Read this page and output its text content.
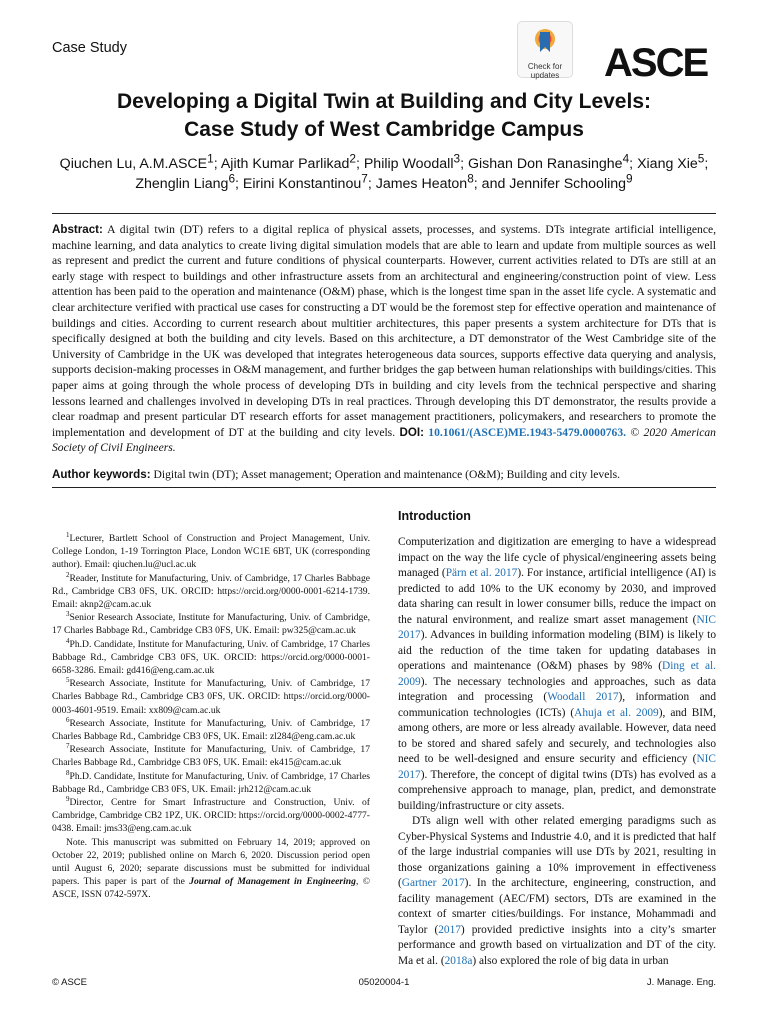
Case Study
Check for updates	ASCE
Developing a Digital Twin at Building and City Levels:
Case Study of West Cambridge Campus
Qiuchen Lu, A.M.ASCE$^1$; Ajith Kumar Parlikad$^2$; Philip Woodall$^3$; Gishan Don Ranasinghe$^4$; Xiang Xie$^5$;
Zhenglin Liang$^6$; Eirini Konstantinou$^7$; James Heaton$^8$; and Jennifer Schooling$^9$

Abstract: A digital twin (DT) refers to a digital replica of physical assets, processes, and systems. DTs integrate artificial intelligence, machine learning, and data analytics to create living digital simulation models that are able to learn and update from multiple sources as well as represent and predict the current and future conditions of physical counterparts. However, current activities related to DTs are still at an early stage with respect to buildings and other infrastructure assets from an architectural and engineering/construction point of view. Less attention has been paid to the operation and maintenance (O&M) phase, which is the longest time span in the asset life cycle. A systematic and clear architecture verified with practical use cases for constructing a DT would be the foremost step for effective operation and maintenance of buildings and cities. According to current research about multitier architectures, this paper presents a system architecture for DTs that is specifically designed at both the building and city levels. Based on this architecture, a DT demonstrator of the West Cambridge site of the University of Cambridge in the UK was developed that integrates heterogeneous data sources, supports effective data querying and analysis, supports decision-making processes in O&M management, and further bridges the gap between human relationships with buildings/cities. This paper aims at going through the whole process of developing DTs in building and city levels from the technical perspective and sharing lessons learned and challenges involved in developing DTs in real practices. Through developing this DT demonstrator, the results provide a clear roadmap and present particular DT research efforts for asset management practitioners, policymakers, and researchers to promote the implementation and development of DT at the building and city levels. DOI: 10.1061/(ASCE)ME.1943-5479.0000763. © 2020 American Society of Civil Engineers.

Author keywords: Digital twin (DT); Asset management; Operation and maintenance (O&M); Building and city levels.

$^1$Lecturer, Bartlett School of Construction and Project Management, Univ. College London, 1-19 Torrington Place, London WC1E 6BT, UK (corresponding author). Email: qiuchen.lu@ucl.ac.uk

$^2$Reader, Institute for Manufacturing, Univ. of Cambridge, 17 Charles Babbage Rd., Cambridge CB3 0FS, UK. ORCID: https://orcid.org/0000-0001-6214-1739. Email: aknp2@cam.ac.uk

$^3$Senior Research Associate, Institute for Manufacturing, Univ. of Cambridge, 17 Charles Babbage Rd., Cambridge CB3 0FS, UK. Email: pw325@cam.ac.uk

$^4$Ph.D. Candidate, Institute for Manufacturing, Univ. of Cambridge, 17 Charles Babbage Rd., Cambridge CB3 0FS, UK. ORCID: https://orcid.org/0000-0001-6658-3286. Email: gd416@eng.cam.ac.uk

$^5$Research Associate, Institute for Manufacturing, Univ. of Cambridge, 17 Charles Babbage Rd., Cambridge CB3 0FS, UK. ORCID: https://orcid.org/0000-0003-4601-9519. Email: xx809@cam.ac.uk

$^6$Research Associate, Institute for Manufacturing, Univ. of Cambridge, 17 Charles Babbage Rd., Cambridge CB3 0FS, UK. Email: zl284@eng.cam.ac.uk

$^7$Research Associate, Institute for Manufacturing, Univ. of Cambridge, 17 Charles Babbage Rd., Cambridge CB3 0FS, UK. Email: ek415@cam.ac.uk

$^8$Ph.D. Candidate, Institute for Manufacturing, Univ. of Cambridge, 17 Charles Babbage Rd., Cambridge CB3 0FS, UK. Email: jrh212@cam.ac.uk

$^9$Director, Centre for Smart Infrastructure and Construction, Univ. of Cambridge, Cambridge CB2 1PZ, UK. ORCID: https://orcid.org/0000-0002-4777-0438. Email: jms33@eng.cam.ac.uk

Note. This manuscript was submitted on February 14, 2019; approved on October 22, 2019; published online on March 6, 2020. Discussion period open until August 6, 2020; separate discussions must be submitted for individual papers. This paper is part of the Journal of Management in Engineering, © ASCE, ISSN 0742-597X.

Introduction

Computerization and digitization are emerging to have a widespread impact on the way the life cycle of physical/engineering assets being managed (Pärn et al. 2017). For instance, artificial intelligence (AI) is predicted to add 10% to the UK economy by 2030, and improved data sharing can result in lower consumer bills, reduce the impact on the natural environment, and realize smart asset management (NIC 2017). Advances in building information modeling (BIM) is likely to aid the reduction of the time taken for updating databases in operations and maintenance (O&M) phases by 98% (Ding et al. 2009). The necessary technologies and approaches, such as data integration and processing (Woodall 2017), information and communication technologies (ICTs) (Ahuja et al. 2009), and BIM, among others, are more or less already available. However, data need to be stored and shared safely and securely, and technologies also need to be well-designed and ensure security and efficiency (NIC 2017). Therefore, the concept of digital twins (DTs) has evolved as a comprehensive approach to manage, plan, predict, and demonstrate building/infrastructure or city assets.

DTs align well with other related emerging paradigms such as Cyber-Physical Systems and Industrie 4.0, and it is predicted that half of the large industrial companies will use DTs by 2021, resulting in those organizations gaining a 10% improvement in effectiveness (Gartner 2017). In the architecture, engineering, construction, and facility management (AEC/FM) sectors, DTs are examined in the context of smarter cities/buildings. For instance, Mohammadi and Taylor (2017) provided predictive insights into a city’s smarter performance and growth based on virtualization and DT of the city. Ma et al. (2018a) also explored the role of big data in urban

© ASCE	05020004-1	J. Manage. Eng.
